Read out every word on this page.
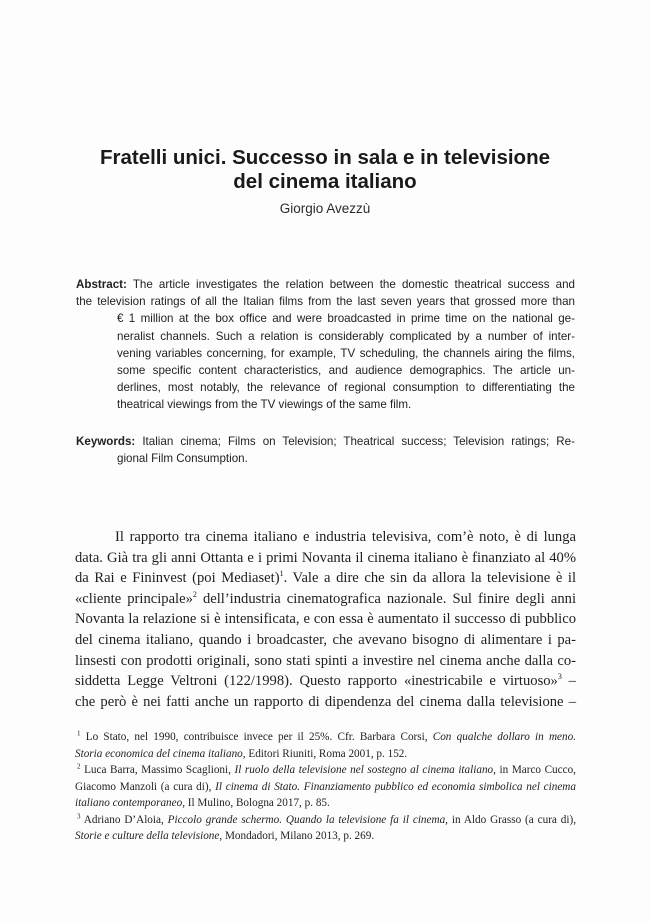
Fratelli unici. Successo in sala e in televisione
del cinema italiano
Giorgio Avezzù
Abstract: The article investigates the relation between the domestic theatrical success and
the television ratings of all the Italian films from the last seven years that grossed more than
€ 1 million at the box office and were broadcasted in prime time on the national ge-
neralist channels. Such a relation is considerably complicated by a number of inter-
vening variables concerning, for example, TV scheduling, the channels airing the films,
some specific content characteristics, and audience demographics. The article un-
derlines, most notably, the relevance of regional consumption to differentiating the
theatrical viewings from the TV viewings of the same film.
Keywords: Italian cinema; Films on Television; Theatrical success; Television ratings; Re-
gional Film Consumption.
Il rapporto tra cinema italiano e industria televisiva, com’è noto, è di lunga
data. Già tra gli anni Ottanta e i primi Novanta il cinema italiano è finanziato al 40%
da Rai e Fininvest (poi Mediaset)$^1$. Vale a dire che sin da allora la televisione è il
«cliente principale»$^2$ dell’industria cinematografica nazionale. Sul finire degli anni
Novanta la relazione si è intensificata, e con essa è aumentato il successo di pubblico
del cinema italiano, quando i broadcaster, che avevano bisogno di alimentare i pa-
linsesti con prodotti originali, sono stati spinti a investire nel cinema anche dalla co-
siddetta Legge Veltroni (122/1998). Questo rapporto «inestricabile e virtuoso»$^3$ –
che però è nei fatti anche un rapporto di dipendenza del cinema dalla televisione –
$^1$ Lo Stato, nel 1990, contribuisce invece per il 25%. Cfr. Barbara Corsi, Con qualche dollaro in meno.
Storia economica del cinema italiano, Editori Riuniti, Roma 2001, p. 152.
$^2$ Luca Barra, Massimo Scaglioni, Il ruolo della televisione nel sostegno al cinema italiano, in Marco Cucco,
Giacomo Manzoli (a cura di), Il cinema di Stato. Finanziamento pubblico ed economia simbolica nel cinema
italiano contemporaneo, Il Mulino, Bologna 2017, p. 85.
$^3$ Adriano D’Aloia, Piccolo grande schermo. Quando la televisione fa il cinema, in Aldo Grasso (a cura di),
Storie e culture della televisione, Mondadori, Milano 2013, p. 269.
